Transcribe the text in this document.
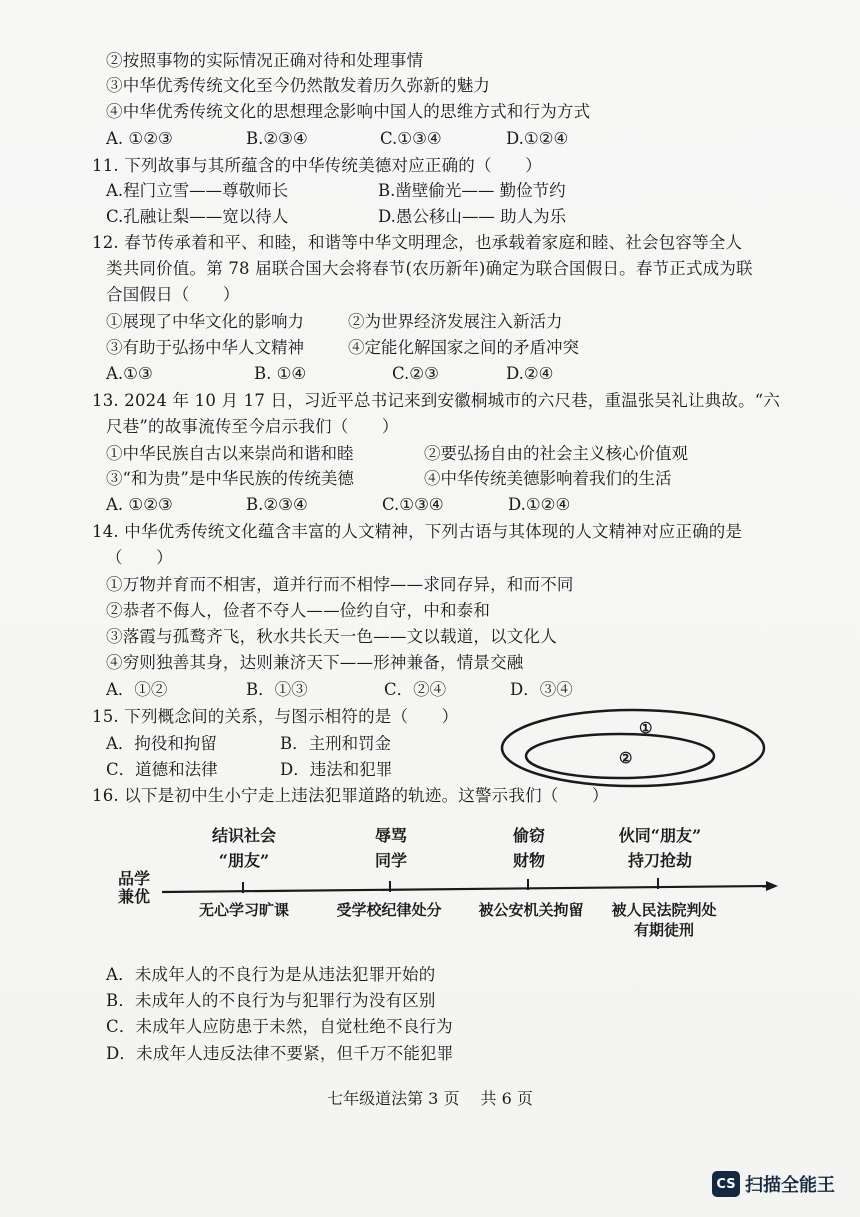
②按照事物的实际情况正确对待和处理事情
③中华优秀传统文化至今仍然散发着历久弥新的魅力
④中华优秀传统文化的思想理念影响中国人的思维方式和行为方式
A. ①②③	B.②③④	C.①③④	D.①②④
11. 下列故事与其所蕴含的中华传统美德对应正确的（　　）
A.程门立雪——尊敬师长	B.凿壁偷光—— 勤俭节约
C.孔融让梨——宽以待人	D.愚公移山—— 助人为乐
12. 春节传承着和平、和睦，和谐等中华文明理念，也承载着家庭和睦、社会包容等全人
类共同价值。第 78 届联合国大会将春节(农历新年)确定为联合国假日。春节正式成为联
合国假日（　　）
①展现了中华文化的影响力	②为世界经济发展注入新活力
③有助于弘扬中华人文精神	④定能化解国家之间的矛盾冲突
A.①③	B. ①④	C.②③	D.②④
13. 2024 年 10 月 17 日，习近平总书记来到安徽桐城市的六尺巷，重温张吴礼让典故。“六
尺巷”的故事流传至今启示我们（　　）
①中华民族自古以来崇尚和谐和睦	②要弘扬自由的社会主义核心价值观
③“和为贵”是中华民族的传统美德	④中华传统美德影响着我们的生活
A. ①②③	B.②③④	C.①③④	D.①②④
14. 中华优秀传统文化蕴含丰富的人文精神，下列古语与其体现的人文精神对应正确的是
（　　）
①万物并育而不相害，道并行而不相悖——求同存异，和而不同
②恭者不侮人，俭者不夺人——俭约自守，中和泰和
③落霞与孤鹜齐飞，秋水共长天一色——文以载道，以文化人
④穷则独善其身，达则兼济天下——形神兼备，情景交融
A．①②	B．①③	C．②④	D．③④
15. 下列概念间的关系，与图示相符的是（　　）
A．拘役和拘留	B．主刑和罚金
C．道德和法律	D．违法和犯罪
①
②
16. 以下是初中生小宁走上违法犯罪道路的轨迹。这警示我们（　　）
品学
兼优
结识社会
“朋友”
辱骂
同学
偷窃
财物
伙同“朋友”
持刀抢劫
无心学习旷课	受学校纪律处分	被公安机关拘留	被人民法院判处
有期徒刑
A．未成年人的不良行为是从违法犯罪开始的
B．未成年人的不良行为与犯罪行为没有区别
C．未成年人应防患于未然，自觉杜绝不良行为
D．未成年人违反法律不要紧，但千万不能犯罪
七年级道法第 3 页　 共 6 页
CS 扫描全能王
